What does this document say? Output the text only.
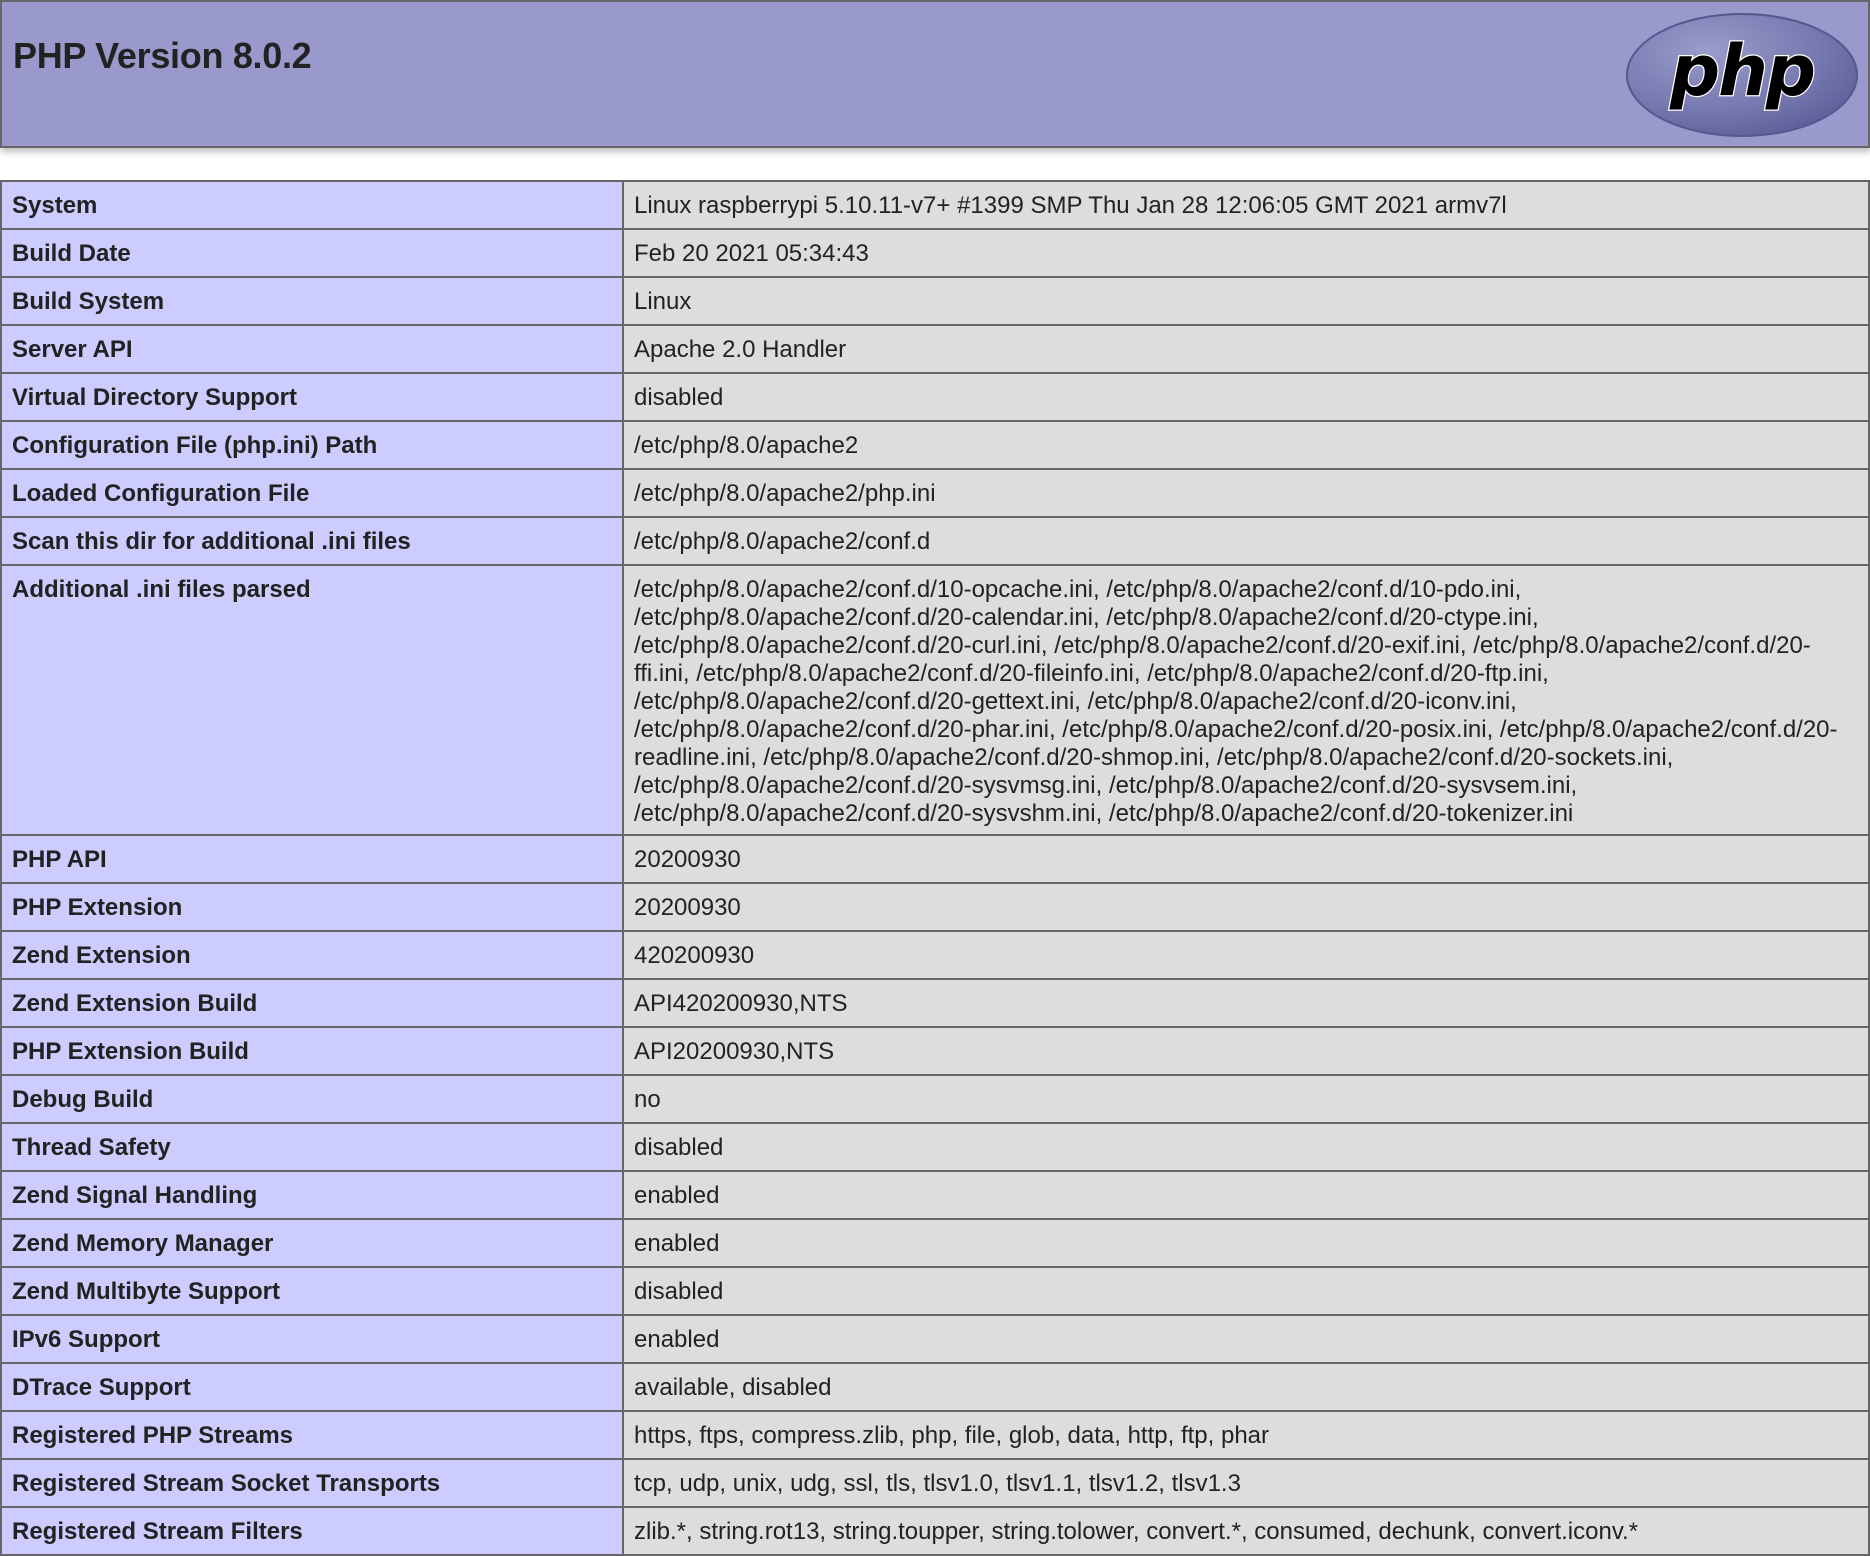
PHP Version 8.0.2	php
System	Linux raspberrypi 5.10.11-v7+ #1399 SMP Thu Jan 28 12:06:05 GMT 2021 armv7l
Build Date	Feb 20 2021 05:34:43
Build System	Linux
Server API	Apache 2.0 Handler
Virtual Directory Support	disabled
Configuration File (php.ini) Path	/etc/php/8.0/apache2
Loaded Configuration File	/etc/php/8.0/apache2/php.ini
Scan this dir for additional .ini files	/etc/php/8.0/apache2/conf.d
Additional .ini files parsed	/etc/php/8.0/apache2/conf.d/10-opcache.ini, /etc/php/8.0/apache2/conf.d/10-pdo.ini, /etc/php/8.0/apache2/conf.d/20-calendar.ini, /etc/php/8.0/apache2/conf.d/20-ctype.ini, /etc/php/8.0/apache2/conf.d/20-curl.ini, /etc/php/8.0/apache2/conf.d/20-exif.ini, /etc/php/8.0/apache2/conf.d/20-ffi.ini, /etc/php/8.0/apache2/conf.d/20-fileinfo.ini, /etc/php/8.0/apache2/conf.d/20-ftp.ini, /etc/php/8.0/apache2/conf.d/20-gettext.ini, /etc/php/8.0/apache2/conf.d/20-iconv.ini, /etc/php/8.0/apache2/conf.d/20-phar.ini, /etc/php/8.0/apache2/conf.d/20-posix.ini, /etc/php/8.0/apache2/conf.d/20-readline.ini, /etc/php/8.0/apache2/conf.d/20-shmop.ini, /etc/php/8.0/apache2/conf.d/20-sockets.ini, /etc/php/8.0/apache2/conf.d/20-sysvmsg.ini, /etc/php/8.0/apache2/conf.d/20-sysvsem.ini, /etc/php/8.0/apache2/conf.d/20-sysvshm.ini, /etc/php/8.0/apache2/conf.d/20-tokenizer.ini
PHP API	20200930
PHP Extension	20200930
Zend Extension	420200930
Zend Extension Build	API420200930,NTS
PHP Extension Build	API20200930,NTS
Debug Build	no
Thread Safety	disabled
Zend Signal Handling	enabled
Zend Memory Manager	enabled
Zend Multibyte Support	disabled
IPv6 Support	enabled
DTrace Support	available, disabled
Registered PHP Streams	https, ftps, compress.zlib, php, file, glob, data, http, ftp, phar
Registered Stream Socket Transports	tcp, udp, unix, udg, ssl, tls, tlsv1.0, tlsv1.1, tlsv1.2, tlsv1.3
Registered Stream Filters	zlib.*, string.rot13, string.toupper, string.tolower, convert.*, consumed, dechunk, convert.iconv.*
